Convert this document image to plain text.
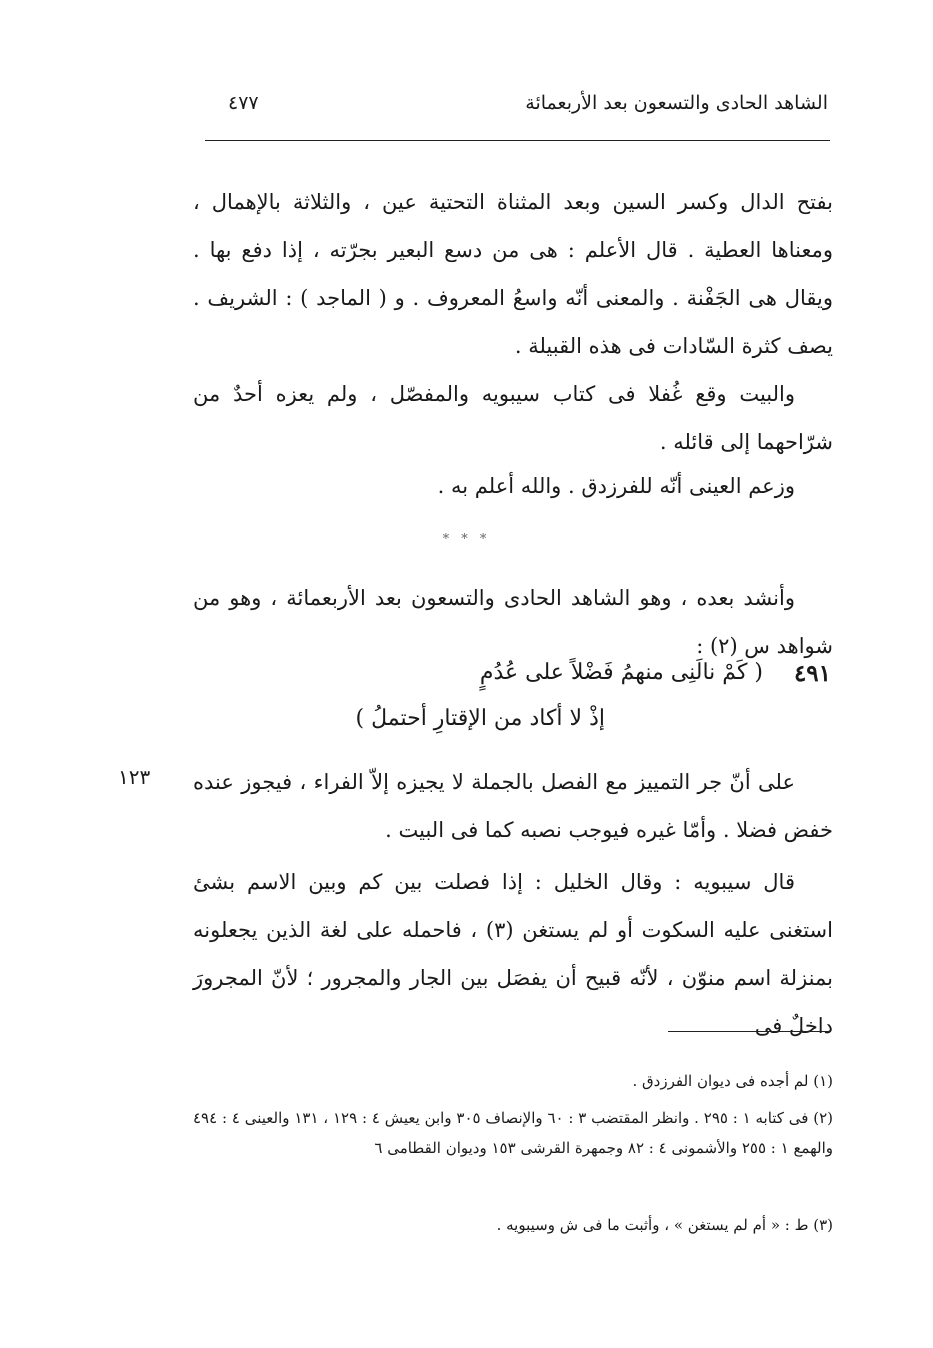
الشاهد الحادى والتسعون بعد الأربعمائة
٤٧٧

بفتح الدال وكسر السين وبعد المثناة التحتية عين ، والثلاثة بالإهمال ، ومعناها العطية . قال الأعلم : هى من دسع البعير بجرّته ، إذا دفع بها . ويقال هى الجَفْنة . والمعنى أنّه واسعُ المعروف . و ( الماجد ) : الشريف . يصف كثرة السّادات فى هذه القبيلة .

والبيت وقع غُفلا فى كتاب سيبويه والمفصّل ، ولم يعزه أحدٌ من شرّاحهما إلى قائله .

وزعم العينى أنّه للفرزدق . والله أعلم به .

* * *

وأنشد بعده ، وهو الشاهد الحادى والتسعون بعد الأربعمائة ، وهو من شواهد س (٢) :

٤٩١
( كَمْ نالَنِى منهمُ فَضْلاً على عُدُمٍ
إذْ لا أكاد من الإقتارِ أحتملُ )
١٢٣ على أنّ جر التمييز مع الفصل بالجملة لا يجيزه إلاّ الفراء ، فيجوز عنده خفض فضلا . وأمّا غيره فيوجب نصبه كما فى البيت .

قال سيبويه : وقال الخليل : إذا فصلت بين كم وبين الاسم بشئ استغنى عليه السكوت أو لم يستغن (٣) ، فاحمله على لغة الذين يجعلونه بمنزلة اسم منوّن ، لأنّه قبيح أن يفصَل بين الجار والمجرور ؛ لأنّ المجرورَ داخلٌ فى

(١) لم أجده فى ديوان الفرزدق .

(٢) فى كتابه ١ : ٢٩٥ . وانظر المقتضب ٣ : ٦٠ والإنصاف ٣٠٥ وابن يعيش ٤ : ١٢٩ ، ١٣١ والعينى ٤ : ٤٩٤ والهمع ١ : ٢٥٥ والأشمونى ٤ : ٨٢ وجمهرة القرشى ١٥٣ وديوان القطامى ٦

(٣) ط : « أم لم يستغن » ، وأثبت ما فى ش وسيبويه .
